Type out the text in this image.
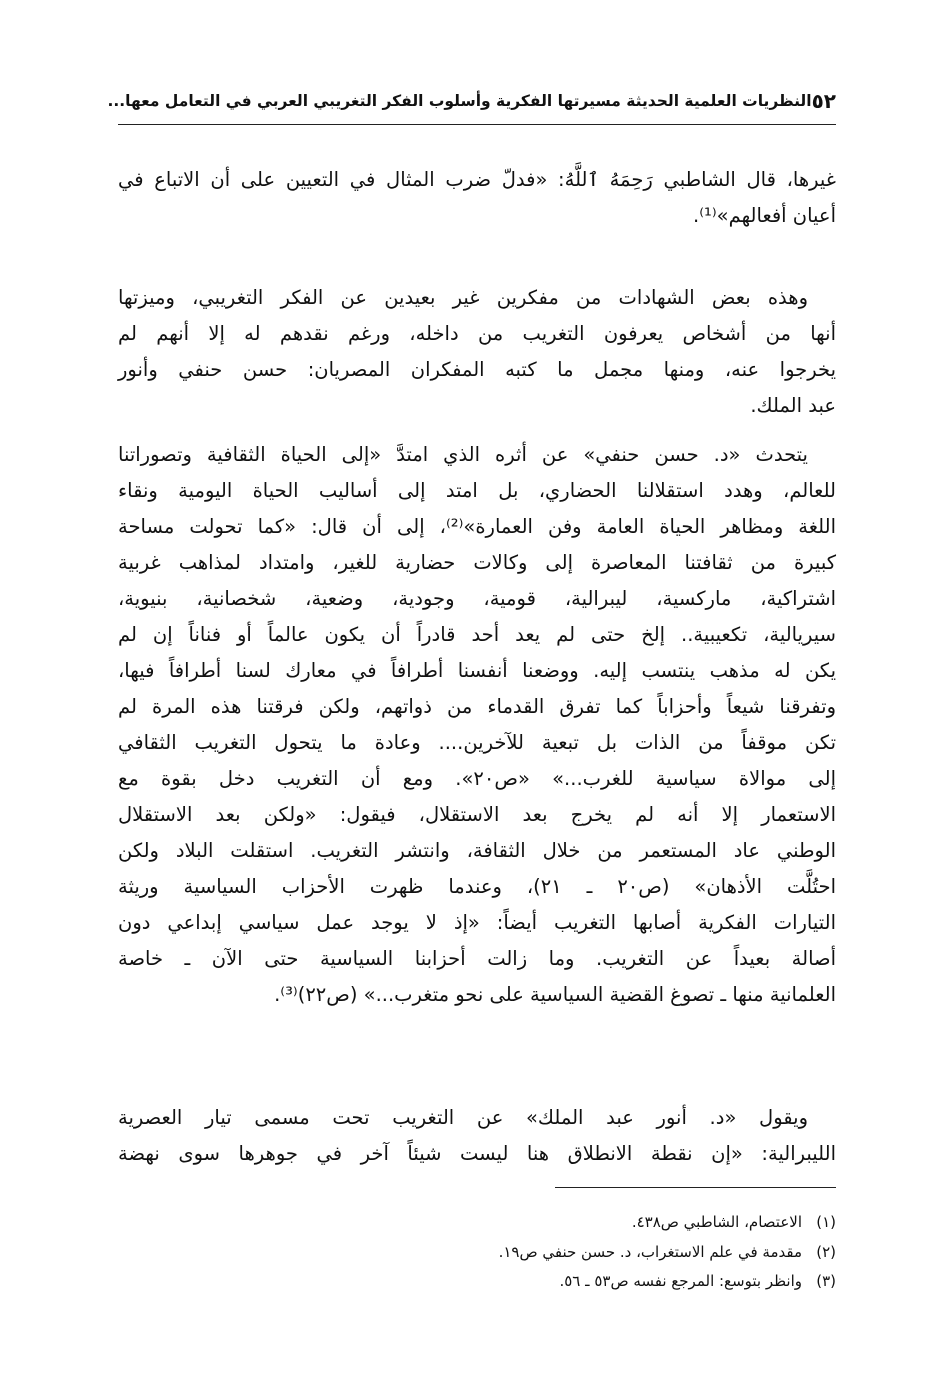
٥٢
النظريات العلمية الحديثة مسيرتها الفكرية وأسلوب الفكر التغريبي العربي في التعامل معها...
غيرها، قال الشاطبي رَحِمَهُ ٱللَّهُ: «فدلّ ضرب المثال في التعيين على أن الاتباع في
أعيان أفعالهم»⁽¹⁾.
وهذه بعض الشهادات من مفكرين غير بعيدين عن الفكر التغريبي، وميزتها
أنها من أشخاص يعرفون التغريب من داخله، ورغم نقدهم له إلا أنهم لم
يخرجوا عنه، ومنها مجمل ما كتبه المفكران المصريان: حسن حنفي وأنور
عبد الملك.
يتحدث «د. حسن حنفي» عن أثره الذي امتدَّ «إلى الحياة الثقافية وتصوراتنا
للعالم، وهدد استقلالنا الحضاري، بل امتد إلى أساليب الحياة اليومية ونقاء
اللغة ومظاهر الحياة العامة وفن العمارة»⁽²⁾، إلى أن قال: «كما تحولت مساحة
كبيرة من ثقافتنا المعاصرة إلى وكالات حضارية للغير، وامتداد لمذاهب غربية
اشتراكية، ماركسية، ليبرالية، قومية، وجودية، وضعية، شخصانية، بنيوية،
سيريالية، تكعيبية.. إلخ حتى لم يعد أحد قادراً أن يكون عالماً أو فناناً إن لم
يكن له مذهب ينتسب إليه. ووضعنا أنفسنا أطرافاً في معارك لسنا أطرافاً فيها،
وتفرقنا شيعاً وأحزاباً كما تفرق القدماء من ذواتهم، ولكن فرقتنا هذه المرة لم
تكن موقفاً من الذات بل تبعية للآخرين.... وعادة ما يتحول التغريب الثقافي
إلى موالاة سياسية للغرب...» «ص٢٠». ومع أن التغريب دخل بقوة مع
الاستعمار إلا أنه لم يخرج بعد الاستقلال، فيقول: «ولكن بعد الاستقلال
الوطني عاد المستعمر من خلال الثقافة، وانتشر التغريب. استقلت البلاد ولكن
احتُلَّت الأذهان» (ص٢٠ ـ ٢١)، وعندما ظهرت الأحزاب السياسية وريثة
التيارات الفكرية أصابها التغريب أيضاً: «إذ لا يوجد عمل سياسي إبداعي دون
أصالة بعيداً عن التغريب. وما زالت أحزابنا السياسية حتى الآن ـ خاصة
العلمانية منها ـ تصوغ القضية السياسية على نحو متغرب...» (ص٢٢)⁽³⁾.
ويقول «د. أنور عبد الملك» عن التغريب تحت مسمى تيار العصرية
الليبرالية: «إن نقطة الانطلاق هنا ليست شيئاً آخر في جوهرها سوى نهضة
(١)الاعتصام، الشاطبي ص٤٣٨.
(٢)مقدمة في علم الاستغراب، د. حسن حنفي ص١٩.
(٣)وانظر بتوسع: المرجع نفسه ص٥٣ ـ ٥٦.
